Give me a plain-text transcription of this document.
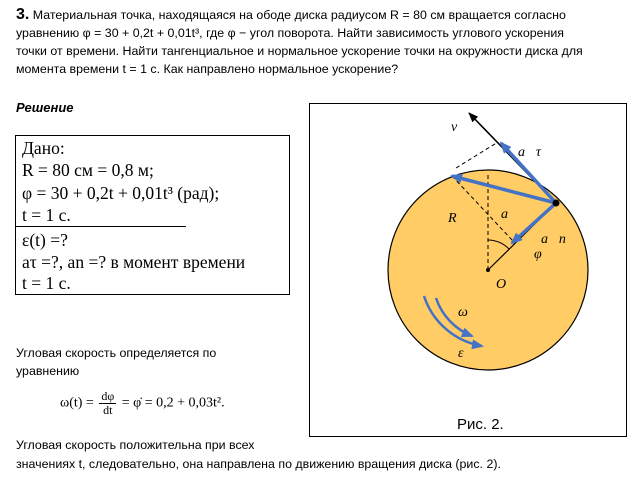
3. Материальная точка, находящаяся на ободе диска радиусом R = 80 см вращается согласно

уравнению φ = 30 + 0,2t + 0,01t³, где φ − угол поворота. Найти зависимость углового ускорения

точки от времени. Найти тангенциальное и нормальное ускорение точки на окружности диска для

момента времени t = 1 c. Как направлено нормальное ускорение?

Решение
Дано:
R = 80 см = 0,8 м;
φ = 30 + 0,2t + 0,01t³ (рад);
t = 1 c.
ε(t) =?
aτ =?, an =? в момент времени
t = 1 c.
Угловая скорость определяется по
уравнению
$\omega(t) = \frac{d\varphi}{dt}$ = φ̇ = 0,2 + 0,03t².
Угловая скорость положительна при всех
значениях t, следовательно, она направлена по движению вращения диска (рис. 2).
v⃗
a⃗τ
a⃗
a⃗n
R
φ
O
ω
ε
Рис. 2.
